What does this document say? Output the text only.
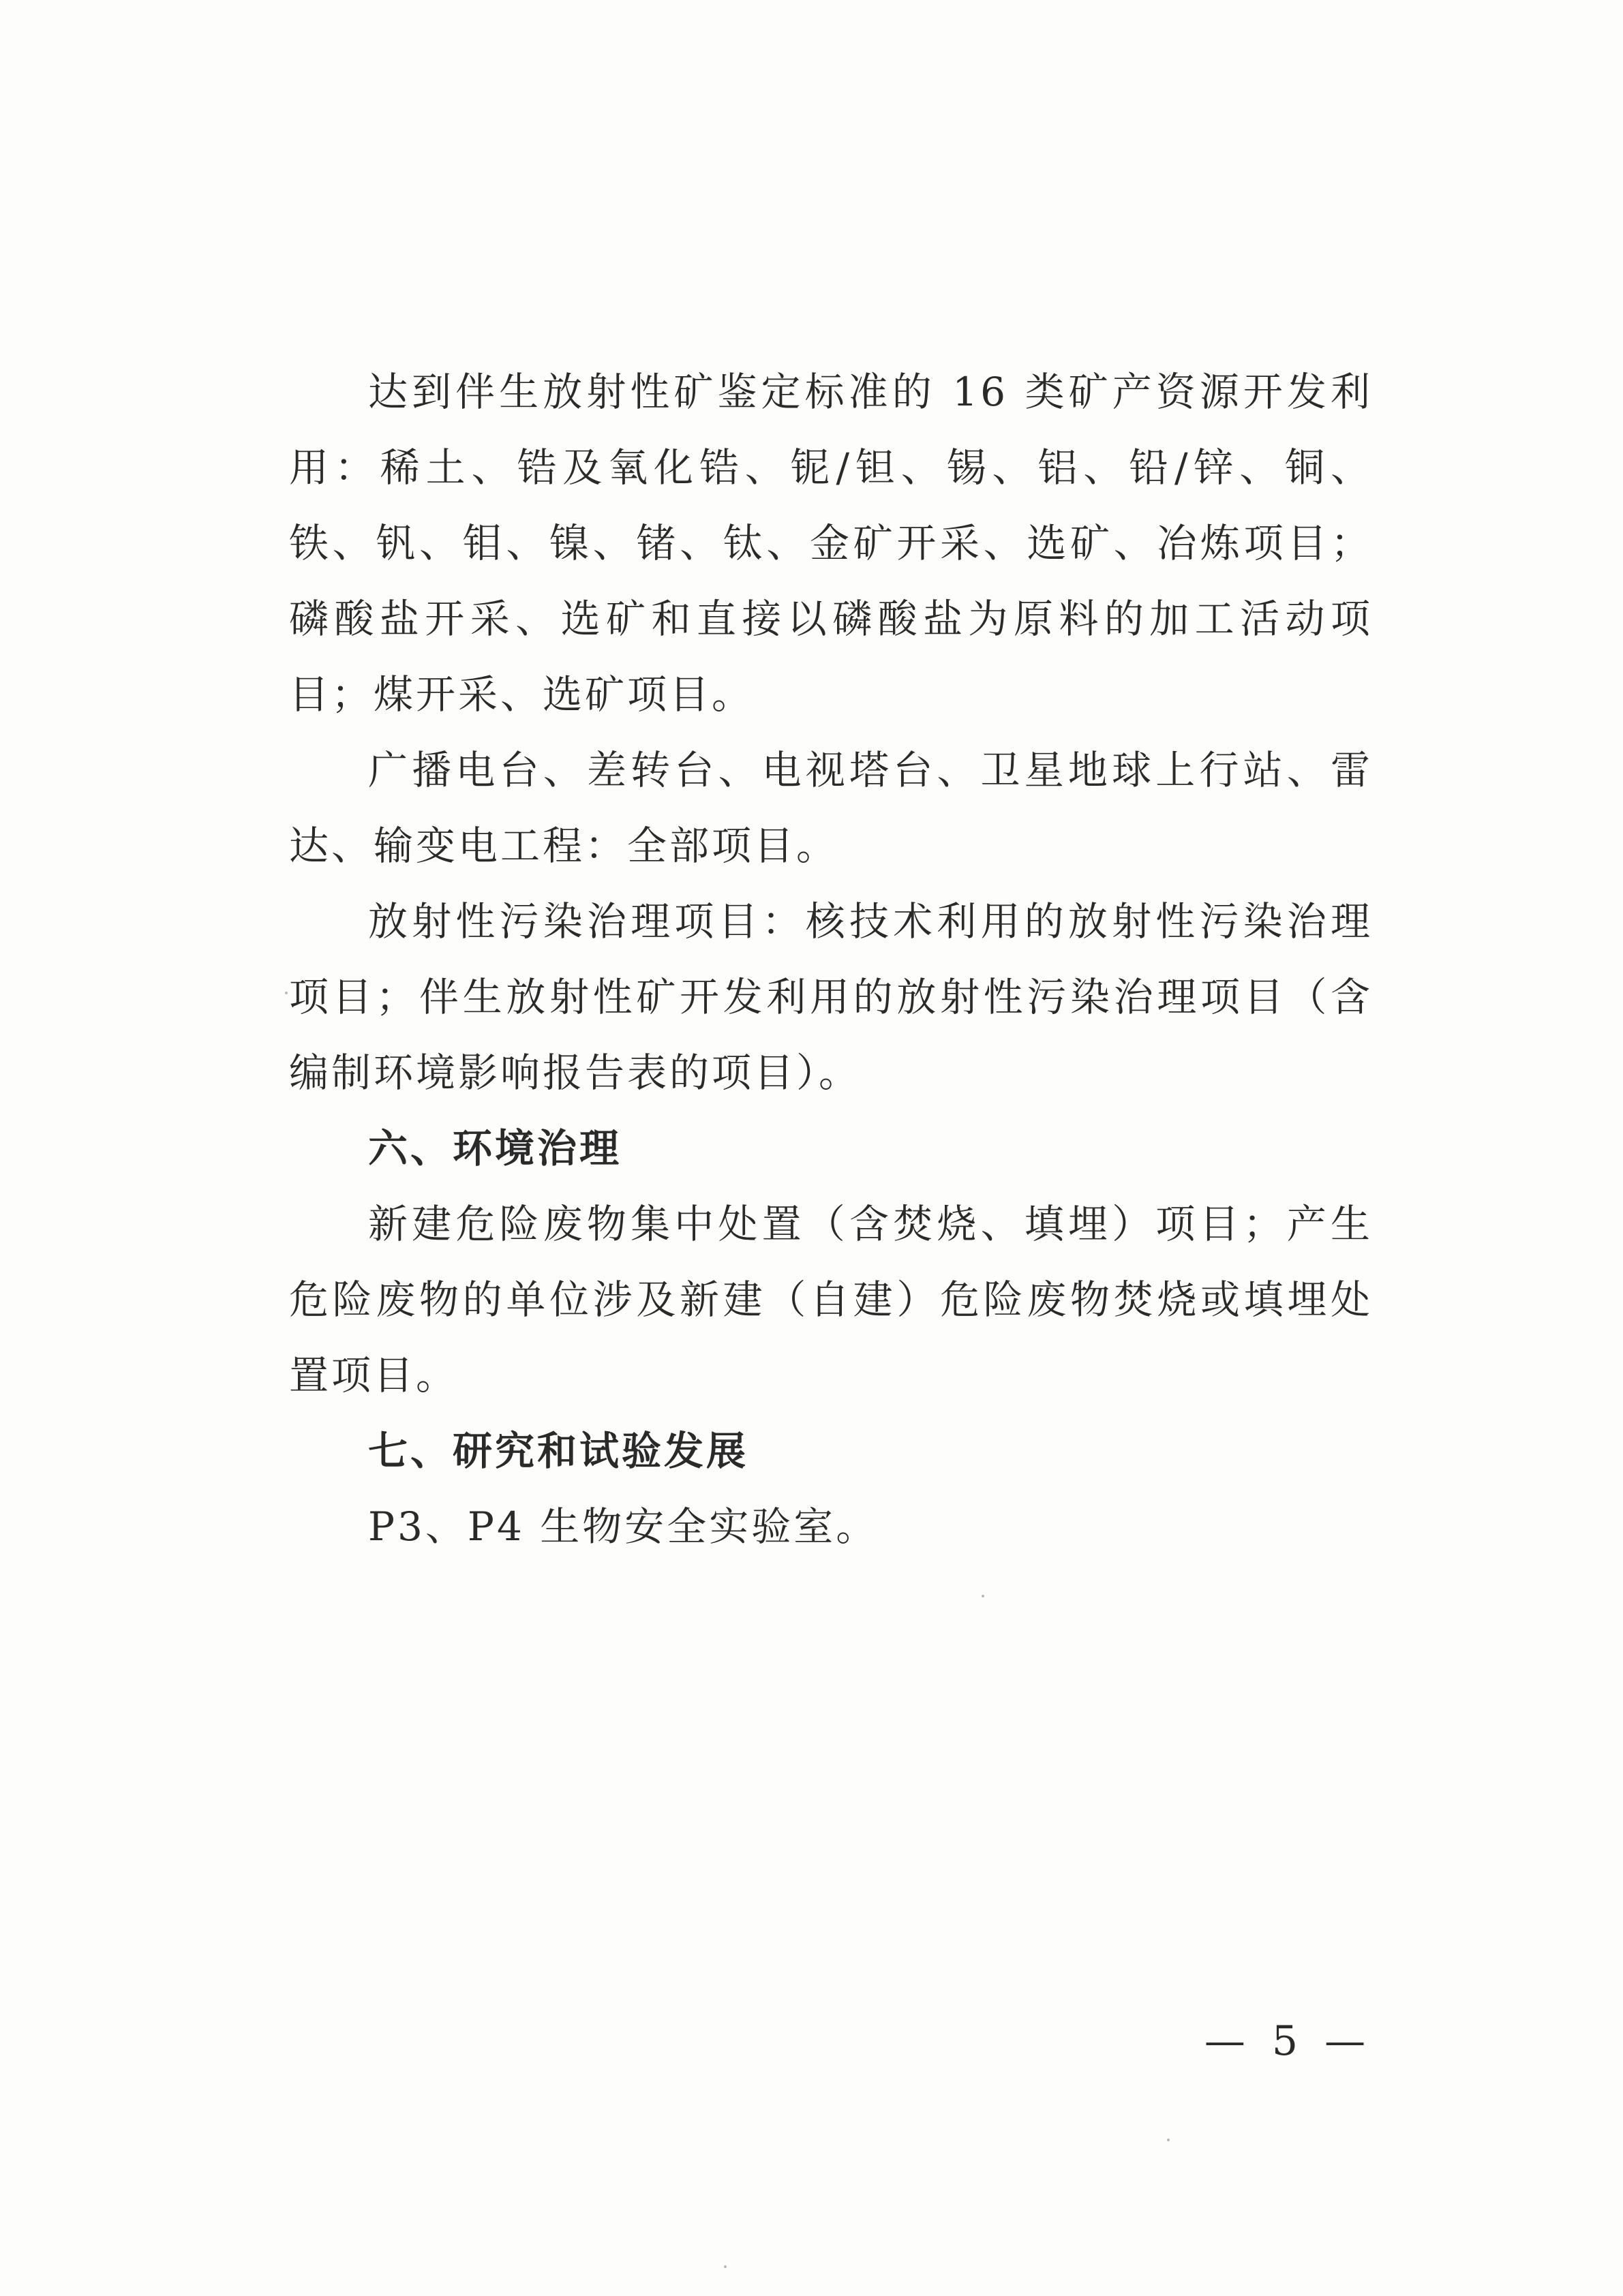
达到伴生放射性矿鉴定标准的 16 类矿产资源开发利用：稀土、锆及氧化锆、铌/钽、锡、铝、铅/锌、铜、铁、钒、钼、镍、锗、钛、金矿开采、选矿、冶炼项目；磷酸盐开采、选矿和直接以磷酸盐为原料的加工活动项目；煤开采、选矿项目。

广播电台、差转台、电视塔台、卫星地球上行站、雷达、输变电工程：全部项目。

放射性污染治理项目：核技术利用的放射性污染治理项目；伴生放射性矿开发利用的放射性污染治理项目（含编制环境影响报告表的项目）。

六、环境治理

新建危险废物集中处置（含焚烧、填埋）项目；产生危险废物的单位涉及新建（自建）危险废物焚烧或填埋处置项目。

七、研究和试验发展

P3、P4 生物安全实验室。

— 5 —
